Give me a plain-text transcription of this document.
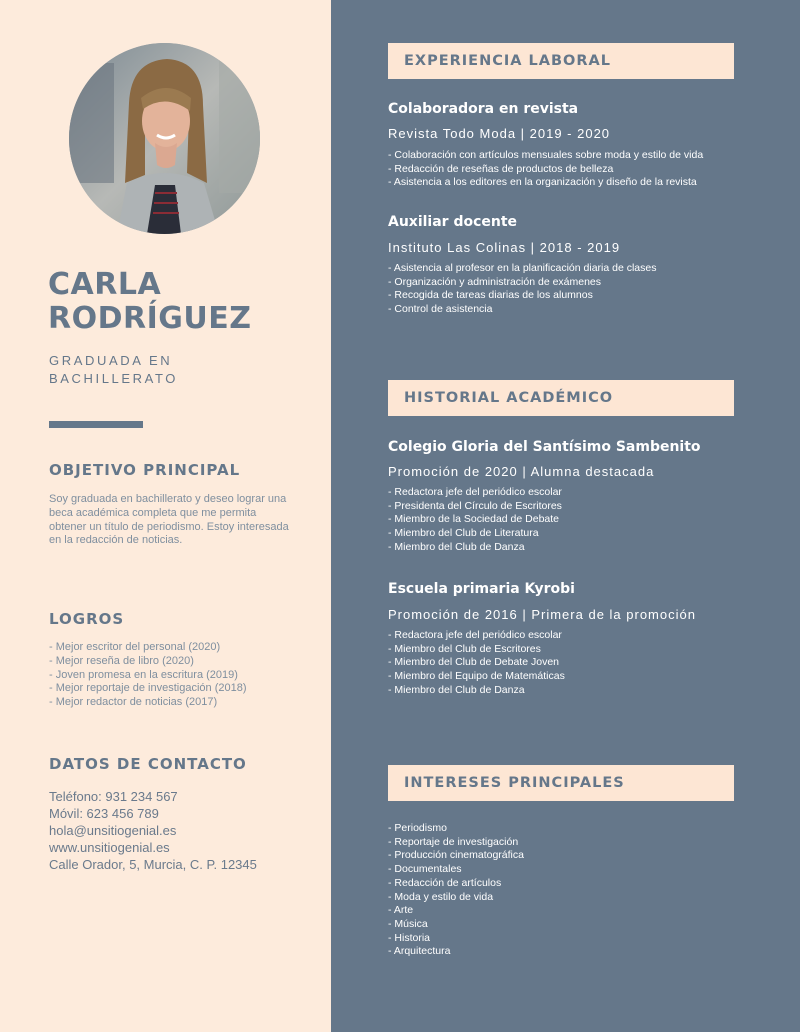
CARLA
RODRÍGUEZ
GRADUADA EN BACHILLERATO
OBJETIVO PRINCIPAL
Soy graduada en bachillerato y deseo lograr una beca académica completa que me permita obtener un título de periodismo. Estoy interesada en la redacción de noticias.
LOGROS
- Mejor escritor del personal (2020)
- Mejor reseña de libro (2020)
- Joven promesa en la escritura (2019)
- Mejor reportaje de investigación (2018)
- Mejor redactor de noticias (2017)
DATOS DE CONTACTO
Teléfono: 931 234 567
Móvil: 623 456 789
hola@unsitiogenial.es
www.unsitiogenial.es
Calle Orador, 5, Murcia, C. P. 12345
EXPERIENCIA LABORAL
Colaboradora en revista
Revista Todo Moda | 2019 - 2020
- Colaboración con artículos mensuales sobre moda y estilo de vida
- Redacción de reseñas de productos de belleza
- Asistencia a los editores en la organización y diseño de la revista
Auxiliar docente
Instituto Las Colinas | 2018 - 2019
- Asistencia al profesor en la planificación diaria de clases
- Organización y administración de exámenes
- Recogida de tareas diarias de los alumnos
- Control de asistencia
HISTORIAL ACADÉMICO
Colegio Gloria del Santísimo Sambenito
Promoción de 2020 | Alumna destacada
- Redactora jefe del periódico escolar
- Presidenta del Círculo de Escritores
- Miembro de la Sociedad de Debate
- Miembro del Club de Literatura
- Miembro del Club de Danza
Escuela primaria Kyrobi
Promoción de 2016 | Primera de la promoción
- Redactora jefe del periódico escolar
- Miembro del Club de Escritores
- Miembro del Club de Debate Joven
- Miembro del Equipo de Matemáticas
- Miembro del Club de Danza
INTERESES PRINCIPALES
- Periodismo
- Reportaje de investigación
- Producción cinematográfica
- Documentales
- Redacción de artículos
- Moda y estilo de vida
- Arte
- Música
- Historia
- Arquitectura
